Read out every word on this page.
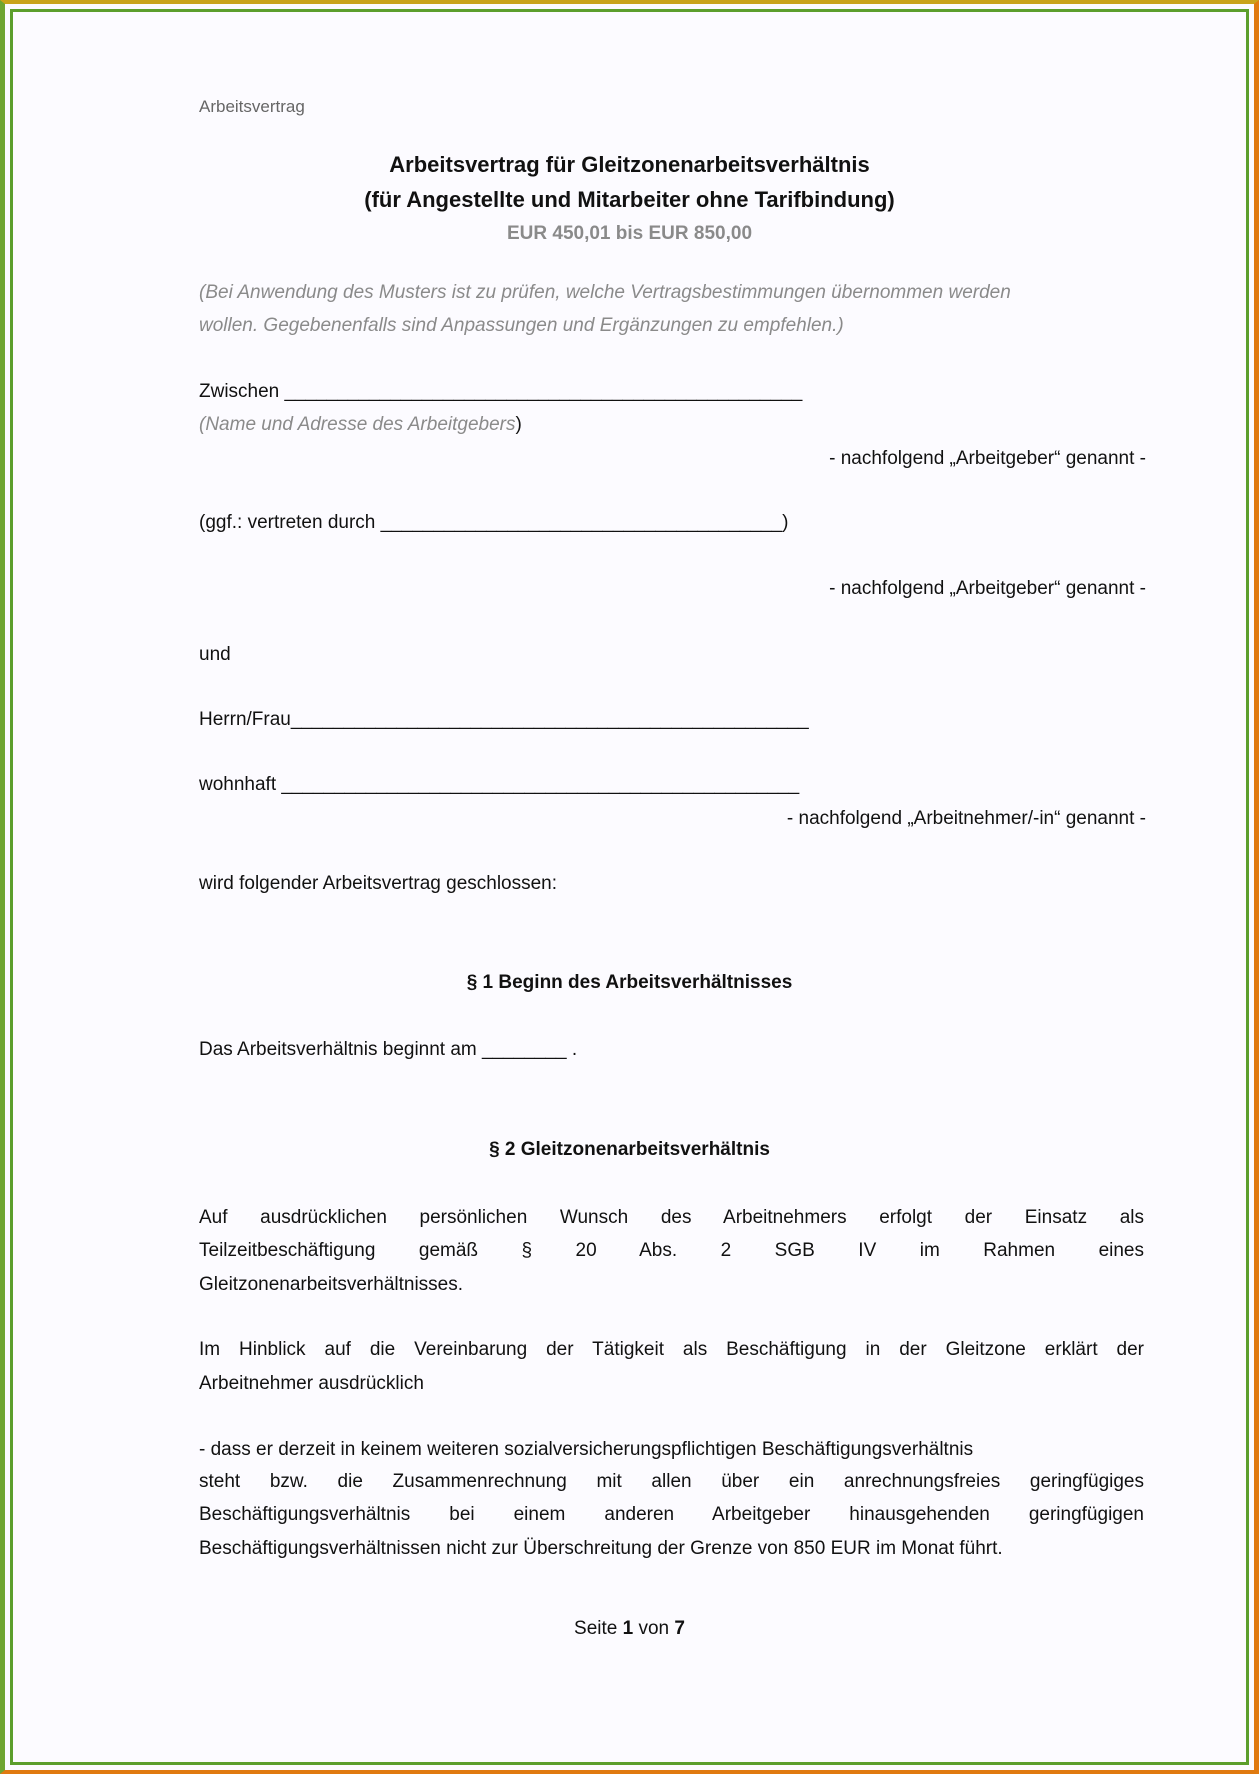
Arbeitsvertrag

Arbeitsvertrag für Gleitzonenarbeitsverhältnis

(für Angestellte und Mitarbeiter ohne Tarifbindung)

EUR 450,01 bis EUR 850,00

(Bei Anwendung des Musters ist zu prüfen, welche Vertragsbestimmungen übernommen werden

wollen. Gegebenenfalls sind Anpassungen und Ergänzungen zu empfehlen.)

Zwischen _________________________________________________

(Name und Adresse des Arbeitgebers)

- nachfolgend „Arbeitgeber“ genannt -

(ggf.: vertreten durch ______________________________________)

- nachfolgend „Arbeitgeber“ genannt -

und

Herrn/Frau_________________________________________________

wohnhaft _________________________________________________

- nachfolgend „Arbeitnehmer/-in“ genannt -

wird folgender Arbeitsvertrag geschlossen:

§ 1 Beginn des Arbeitsverhältnisses

Das Arbeitsverhältnis beginnt am ________ .

§ 2 Gleitzonenarbeitsverhältnis

Auf ausdrücklichen persönlichen Wunsch des Arbeitnehmers erfolgt der Einsatz als

Teilzeitbeschäftigung gemäß § 20 Abs. 2 SGB IV im Rahmen eines

Gleitzonenarbeitsverhältnisses.

Im Hinblick auf die Vereinbarung der Tätigkeit als Beschäftigung in der Gleitzone erklärt der

Arbeitnehmer ausdrücklich

- dass er derzeit in keinem weiteren sozialversicherungspflichtigen Beschäftigungsverhältnis

steht bzw. die Zusammenrechnung mit allen über ein anrechnungsfreies geringfügiges

Beschäftigungsverhältnis bei einem anderen Arbeitgeber hinausgehenden geringfügigen

Beschäftigungsverhältnissen nicht zur Überschreitung der Grenze von 850 EUR im Monat führt.

Seite 1 von 7
